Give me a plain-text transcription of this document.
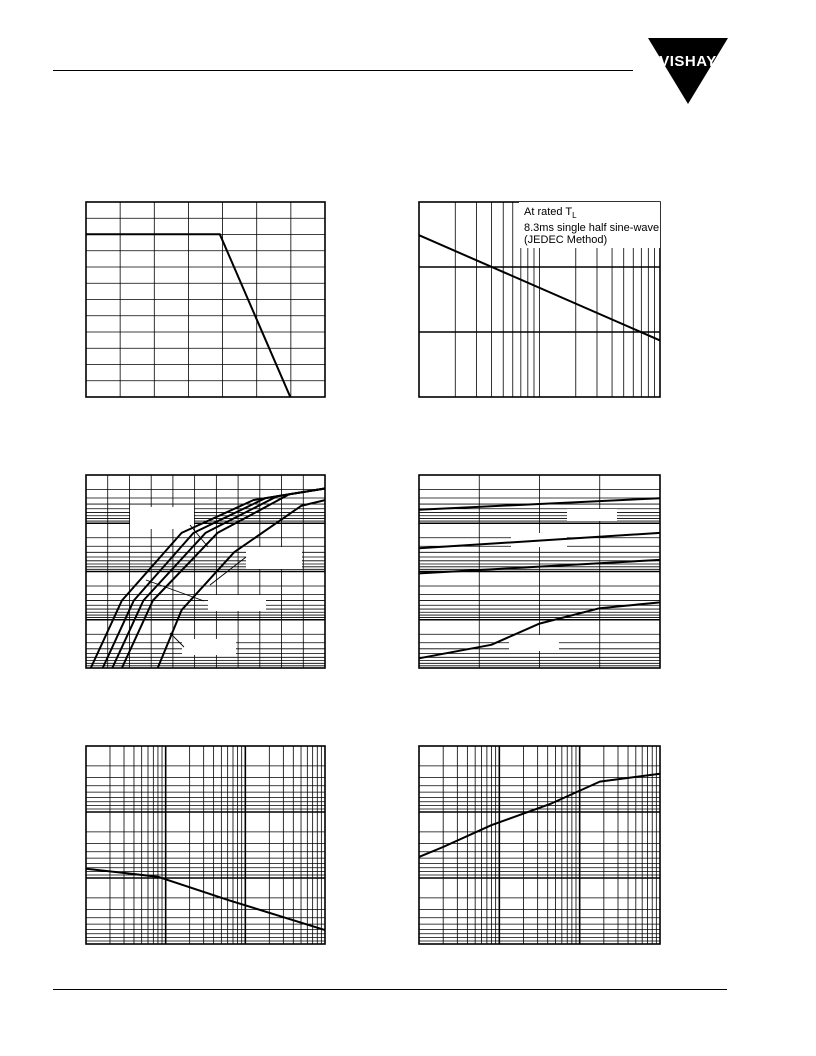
VISHAY
At rated $T_L$
8.3ms single half sine-wave
(JEDEC Method)
